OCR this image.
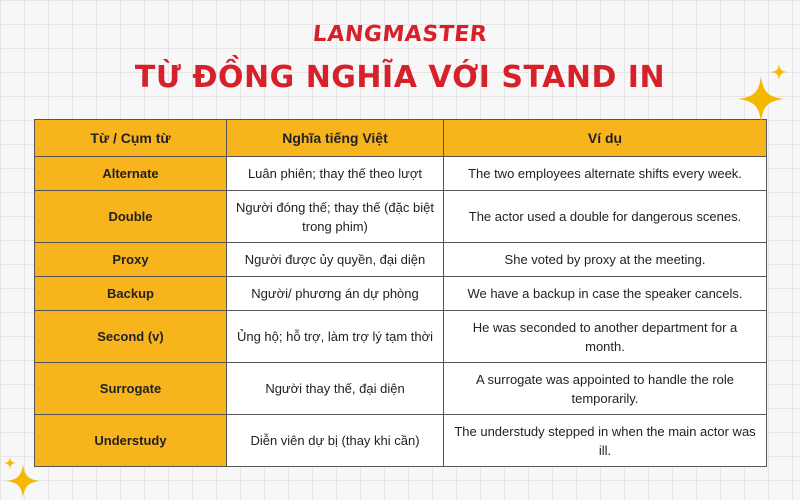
LANGMASTER
TỪ ĐỒNG NGHĨA VỚI STAND IN
Từ / Cụm từ	Nghĩa tiếng Việt	Ví dụ
Alternate	Luân phiên; thay thế theo lượt	The two employees alternate shifts every week.
Double	Người đóng thế; thay thế (đặc biệt trong phim)	The actor used a double for dangerous scenes.
Proxy	Người được ủy quyền, đại diện	She voted by proxy at the meeting.
Backup	Người/ phương án dự phòng	We have a backup in case the speaker cancels.
Second (v)	Ủng hộ; hỗ trợ, làm trợ lý tạm thời	He was seconded to another department for a month.
Surrogate	Người thay thế, đại diện	A surrogate was appointed to handle the role temporarily.
Understudy	Diễn viên dự bị (thay khi cần)	The understudy stepped in when the main actor was ill.
